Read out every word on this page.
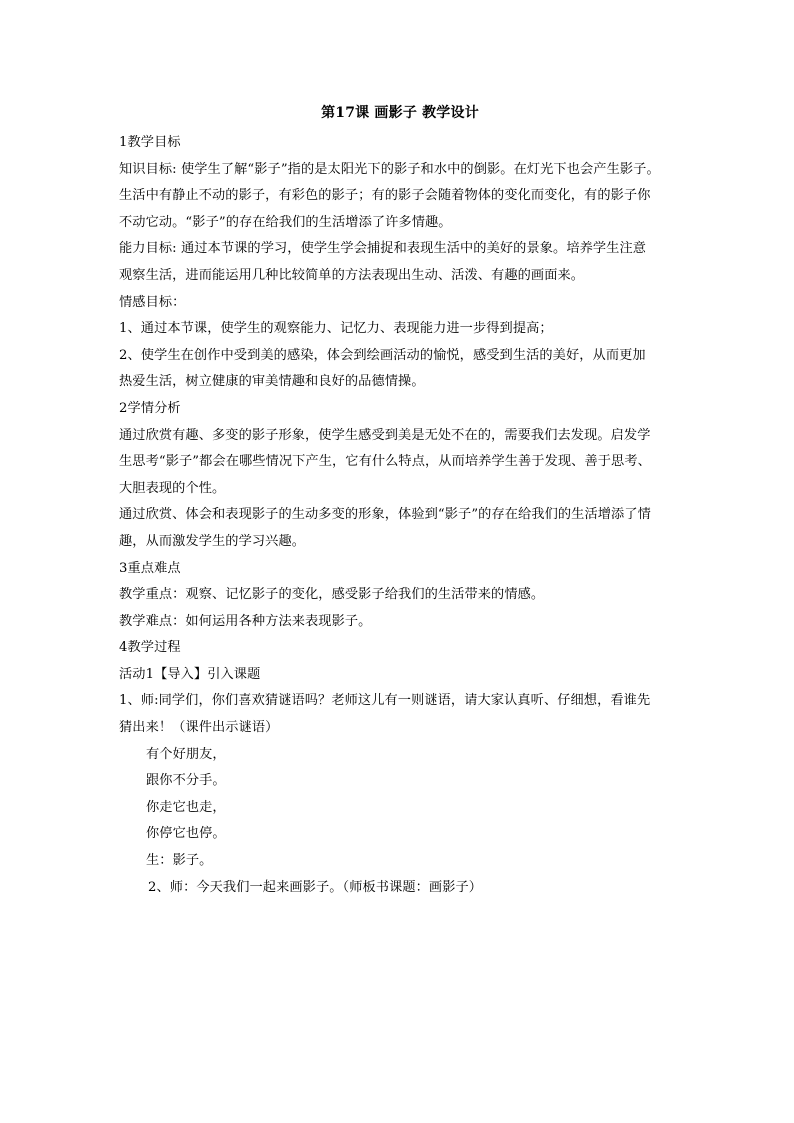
第17课 画影子 教学设计
1教学目标
知识目标: 使学生了解“影子”指的是太阳光下的影子和水中的倒影。在灯光下也会产生影子。
生活中有静止不动的影子，有彩色的影子；有的影子会随着物体的变化而变化，有的影子你
不动它动。“影子”的存在给我们的生活增添了许多情趣。
能力目标: 通过本节课的学习，使学生学会捕捉和表现生活中的美好的景象。培养学生注意
观察生活，进而能运用几种比较简单的方法表现出生动、活泼、有趣的画面来。
情感目标：
1、通过本节课，使学生的观察能力、记忆力、表现能力进一步得到提高；
2、使学生在创作中受到美的感染，体会到绘画活动的愉悦，感受到生活的美好，从而更加
热爱生活，树立健康的审美情趣和良好的品德情操。
2学情分析
通过欣赏有趣、多变的影子形象，使学生感受到美是无处不在的，需要我们去发现。启发学
生思考“影子”都会在哪些情况下产生，它有什么特点，从而培养学生善于发现、善于思考、
大胆表现的个性。
通过欣赏、体会和表现影子的生动多变的形象，体验到“影子”的存在给我们的生活增添了情
趣，从而激发学生的学习兴趣。
3重点难点
教学重点：观察、记忆影子的变化，感受影子给我们的生活带来的情感。
教学难点：如何运用各种方法来表现影子。
4教学过程
活动1【导入】引入课题
1、师:同学们，你们喜欢猜谜语吗？老师这儿有一则谜语，请大家认真听、仔细想，看谁先
猜出来！（课件出示谜语）
有个好朋友，
跟你不分手。
你走它也走，
你停它也停。
生：影子。
2、师：今天我们一起来画影子。（师板书课题：画影子）
